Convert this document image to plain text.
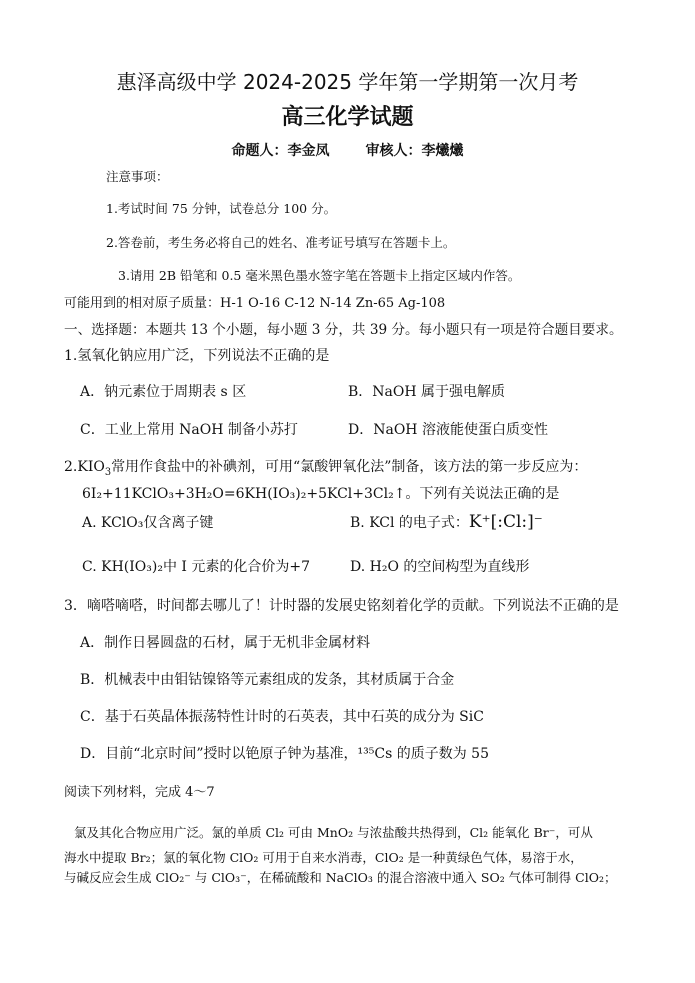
惠泽高级中学 2024-2025 学年第一学期第一次月考
高三化学试题
命题人：李金凤	审核人：李爔爔
注意事项：
1.考试时间 75 分钟，试卷总分 100 分。
2.答卷前，考生务必将自己的姓名、准考证号填写在答题卡上。
3.请用 2B 铅笔和 0.5 毫米黑色墨水签字笔在答题卡上指定区域内作答。
可能用到的相对原子质量：H-1 O-16 C-12 N-14 Zn-65 Ag-108
一、选择题：本题共 13 个小题，每小题 3 分，共 39 分。每小题只有一项是符合题目要求。
1.氢氧化钠应用广泛，下列说法不正确的是
A．钠元素位于周期表 s 区	B．NaOH 属于强电解质
C．工业上常用 NaOH 制备小苏打	D．NaOH 溶液能使蛋白质变性
$2.KIO_3$常用作食盐中的补碘剂，可用“氯酸钾氧化法”制备，该方法的第一步反应为：
6I₂+11KClO₃+3H₂O=6KH(IO₃)₂+5KCl+3Cl₂↑。下列有关说法正确的是
A. KClO₃仅含离子键	B. KCl 的电子式：K⁺[:Cl:]⁻
C. KH(IO₃)₂中 I 元素的化合价为+7	D. H₂O 的空间构型为直线形
3．嘀嗒嘀嗒，时间都去哪儿了！计时器的发展史铭刻着化学的贡献。下列说法不正确的是
A．制作日晷圆盘的石材，属于无机非金属材料
B．机械表中由钼钴镍铬等元素组成的发条，其材质属于合金
C．基于石英晶体振荡特性计时的石英表，其中石英的成分为 SiC
D．目前“北京时间”授时以铯原子钟为基准，¹³⁵Cs 的质子数为 55
阅读下列材料，完成 4～7
氯及其化合物应用广泛。氯的单质 Cl₂ 可由 MnO₂ 与浓盐酸共热得到，Cl₂ 能氧化 Br⁻，可从
海水中提取 Br₂；氯的氧化物 ClO₂ 可用于自来水消毒，ClO₂ 是一种黄绿色气体，易溶于水，
与碱反应会生成 ClO₂⁻ 与 ClO₃⁻，在稀硫酸和 NaClO₃ 的混合溶液中通入 SO₂ 气体可制得 ClO₂；
